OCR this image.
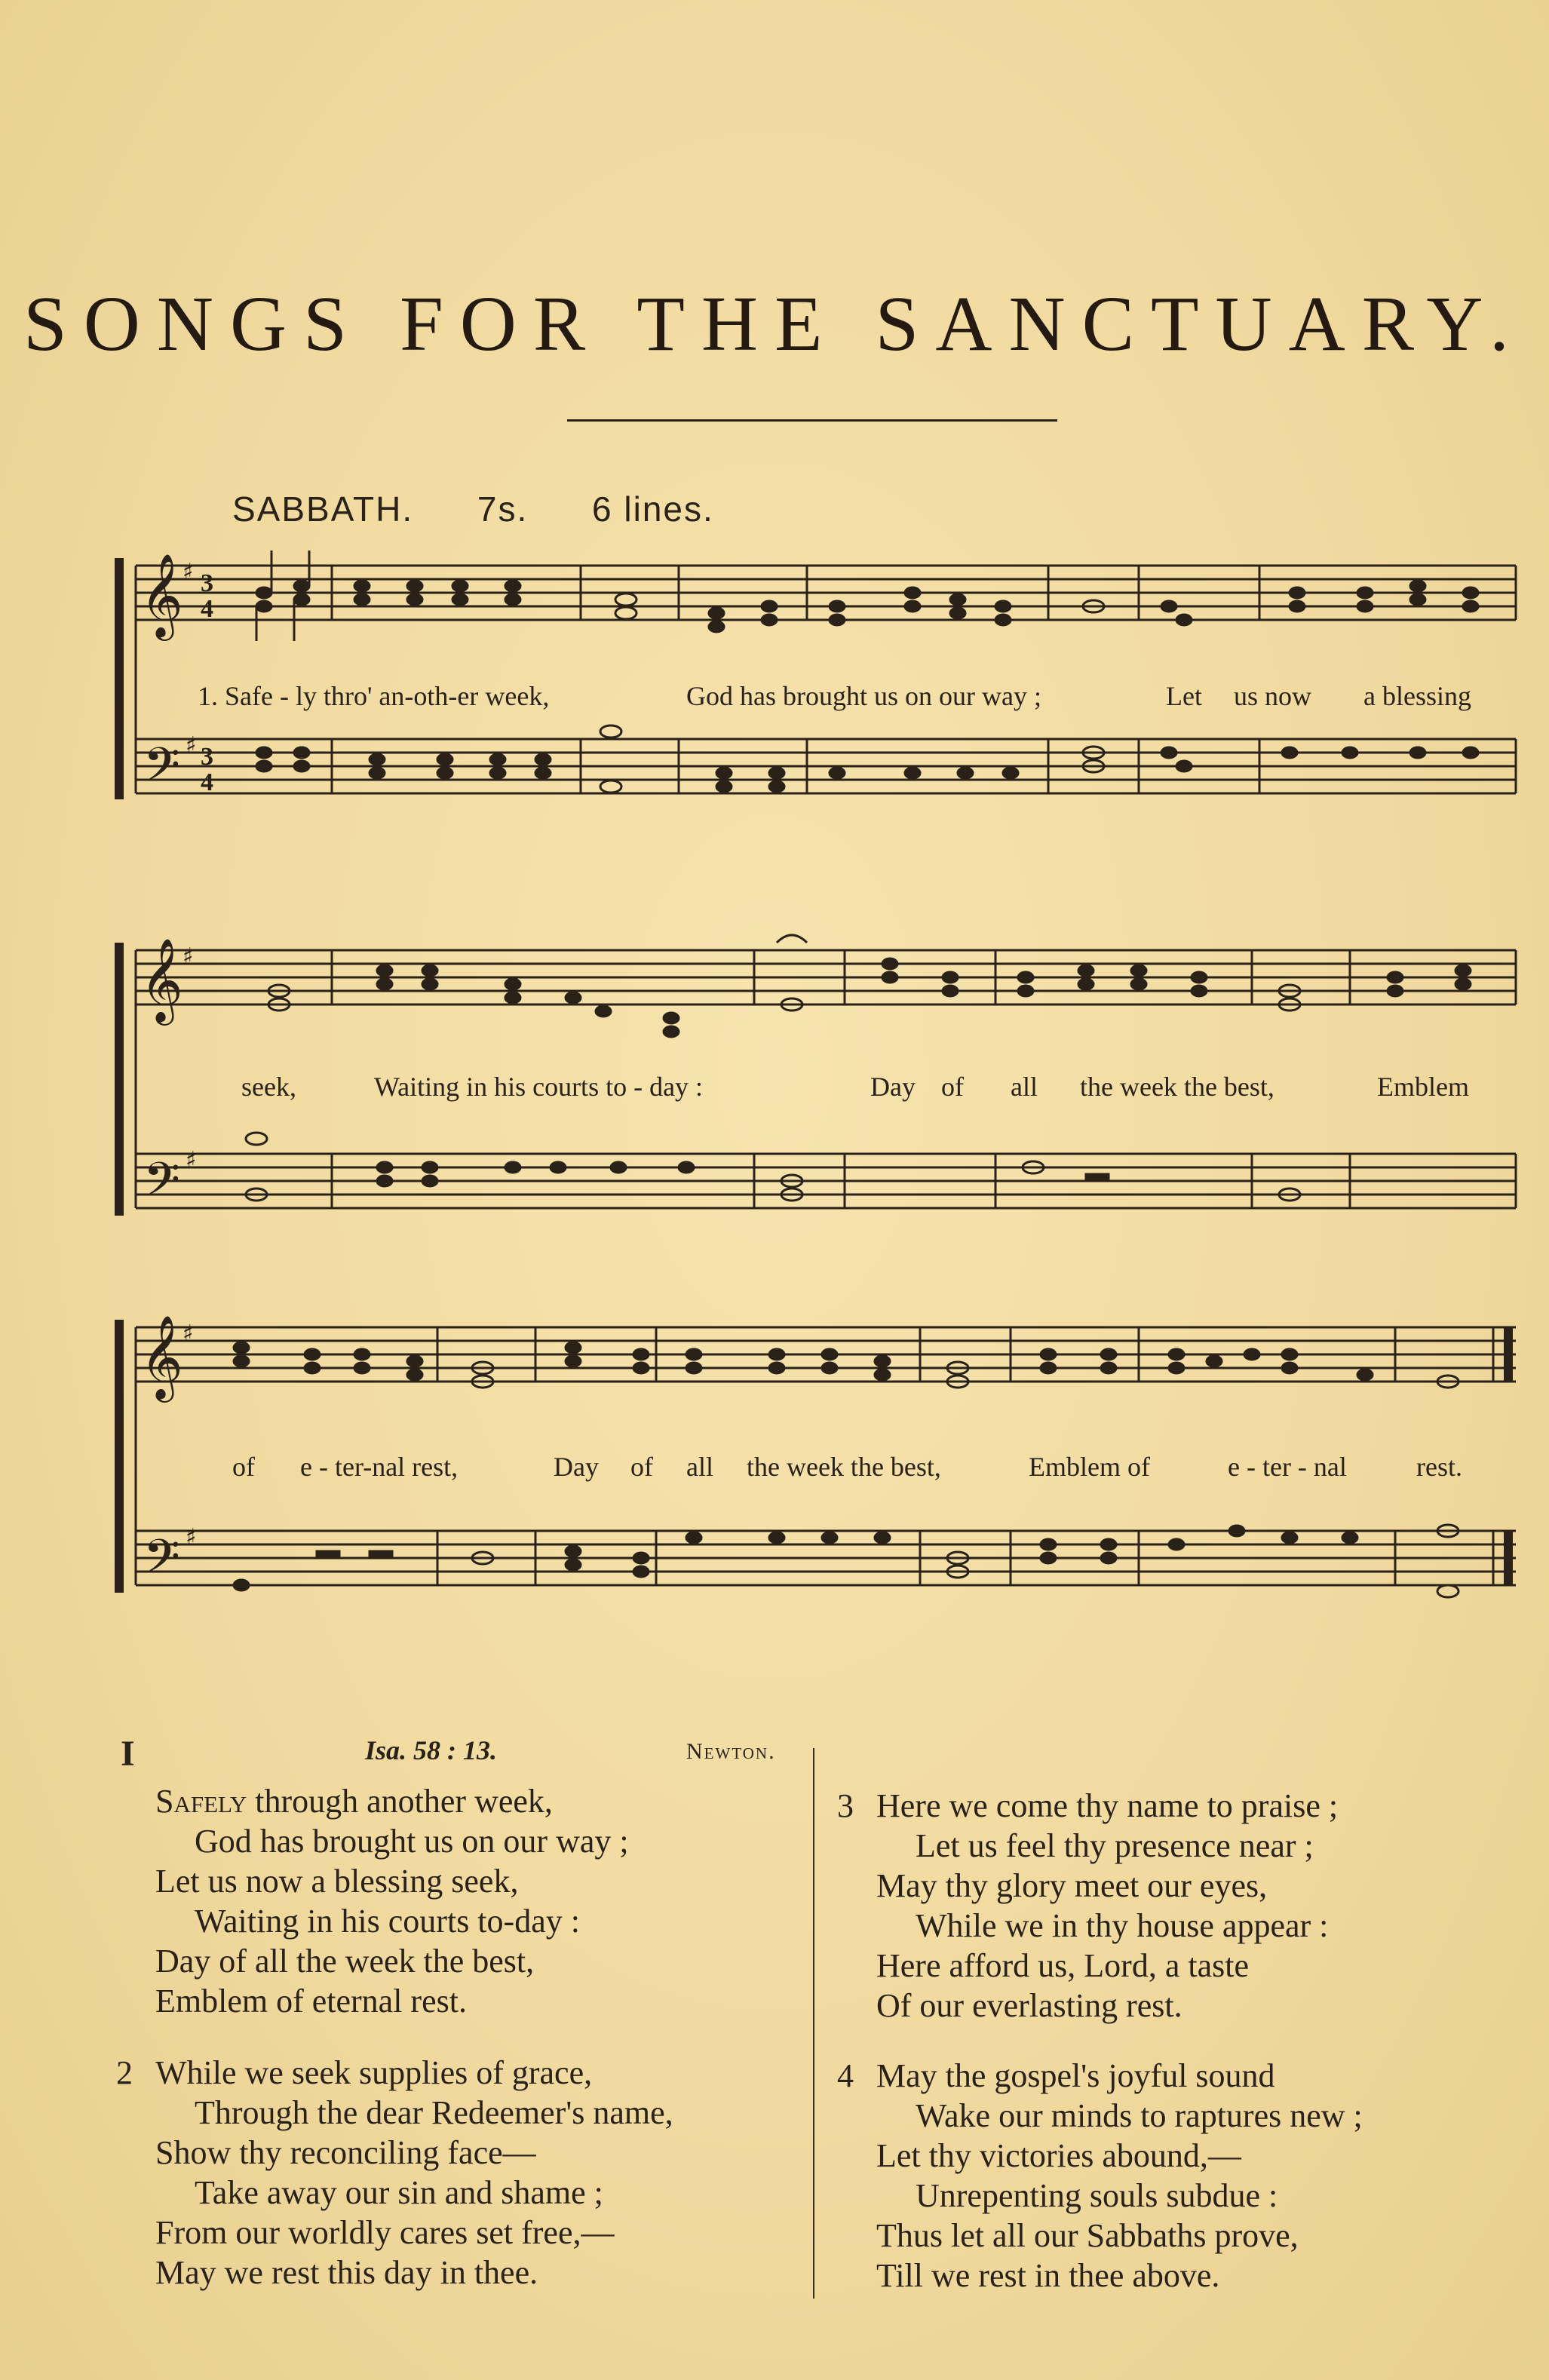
SONGS FOR THE SANCTUARY.
SABBATH. 7s. 6 lines.
𝄞
𝄢
♯
♯
3
4
3
4
1. Safe - ly thro' an-oth-er week,	God has brought us on our way ;	Let us now a blessing
𝄞
𝄢
♯
♯
seek,	Waiting in his courts to - day :	Day of all the week the best,	Emblem
𝄞
𝄢
♯
♯
of e - ter-nal rest,	Day of all the week the best,	Emblem of	e - ter - nal	rest.
I	Isa. 58 : 13.	Newton.
Safely through another week,
God has brought us on our way ;
Let us now a blessing seek,
Waiting in his courts to-day :
Day of all the week the best,
Emblem of eternal rest.
2 While we seek supplies of grace,
Through the dear Redeemer's name,
Show thy reconciling face—
Take away our sin and shame ;
From our worldly cares set free,—
May we rest this day in thee.
3 Here we come thy name to praise ;
Let us feel thy presence near ;
May thy glory meet our eyes,
While we in thy house appear :
Here afford us, Lord, a taste
Of our everlasting rest.
4 May the gospel's joyful sound
Wake our minds to raptures new ;
Let thy victories abound,—
Unrepenting souls subdue :
Thus let all our Sabbaths prove,
Till we rest in thee above.
